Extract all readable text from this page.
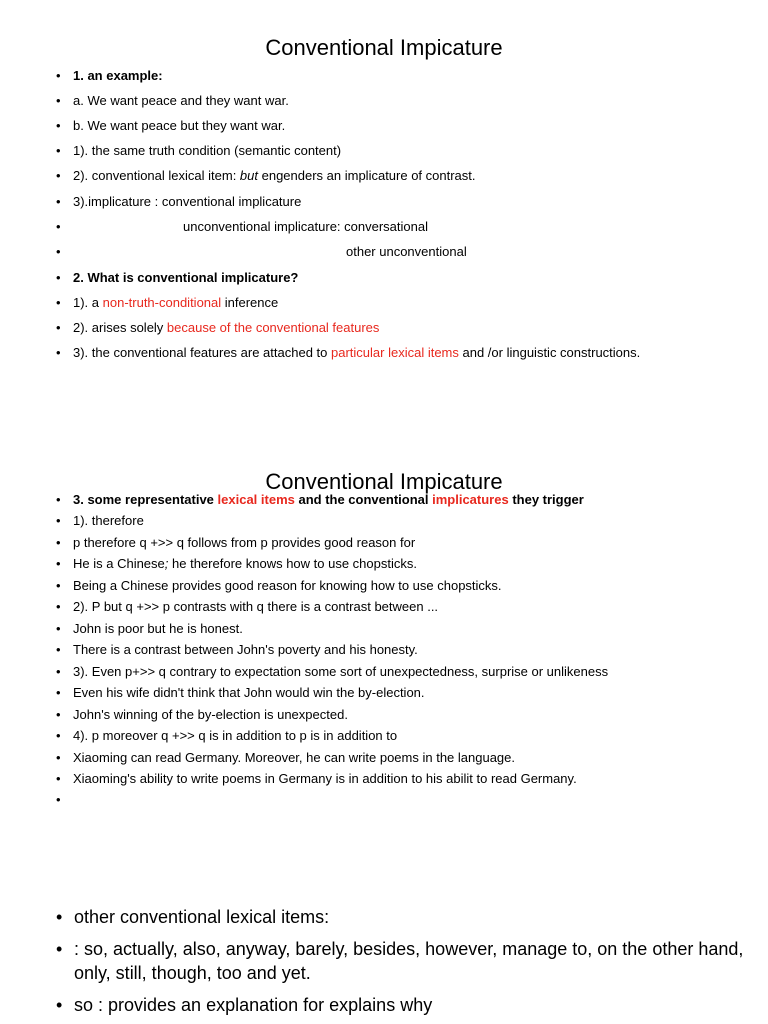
Conventional Impicature
• 1. an example:
• a. We want peace and they want war.
• b. We want peace but they want war.
• 1). the same truth condition (semantic content)
• 2). conventional lexical item: but engenders an implicature of contrast.
• 3).implicature : conventional implicature
•	unconventional implicature: conversational
•	other unconventional
• 2. What is conventional implicature?
• 1). a non-truth-conditional inference
• 2). arises solely because of the conventional features
• 3). the conventional features are attached to particular lexical items and /or linguistic constructions.
Conventional Impicature
• 3. some representative lexical items and the conventional implicatures they trigger
• 1). therefore
• p therefore q +>> q follows from p provides good reason for
• He is a Chinese; he therefore knows how to use chopsticks.
• Being a Chinese provides good reason for knowing how to use chopsticks.
• 2). P but q +>> p contrasts with q there is a contrast between ...
• John is poor but he is honest.
• There is a contrast between John's poverty and his honesty.
• 3). Even p+>> q contrary to expectation some sort of unexpectedness, surprise or unlikeness
• Even his wife didn't think that John would win the by-election.
• John's winning of the by-election is unexpected.
• 4). p moreover q +>> q is in addition to p is in addition to
• Xiaoming can read Germany. Moreover, he can write poems in the language.
• Xiaoming's ability to write poems in Germany is in addition to his abilit to read Germany.
•
• other conventional lexical items:
• : so, actually, also, anyway, barely, besides, however, manage to, on the other hand, only, still, though, too and yet.
• so : provides an explanation for explains why
